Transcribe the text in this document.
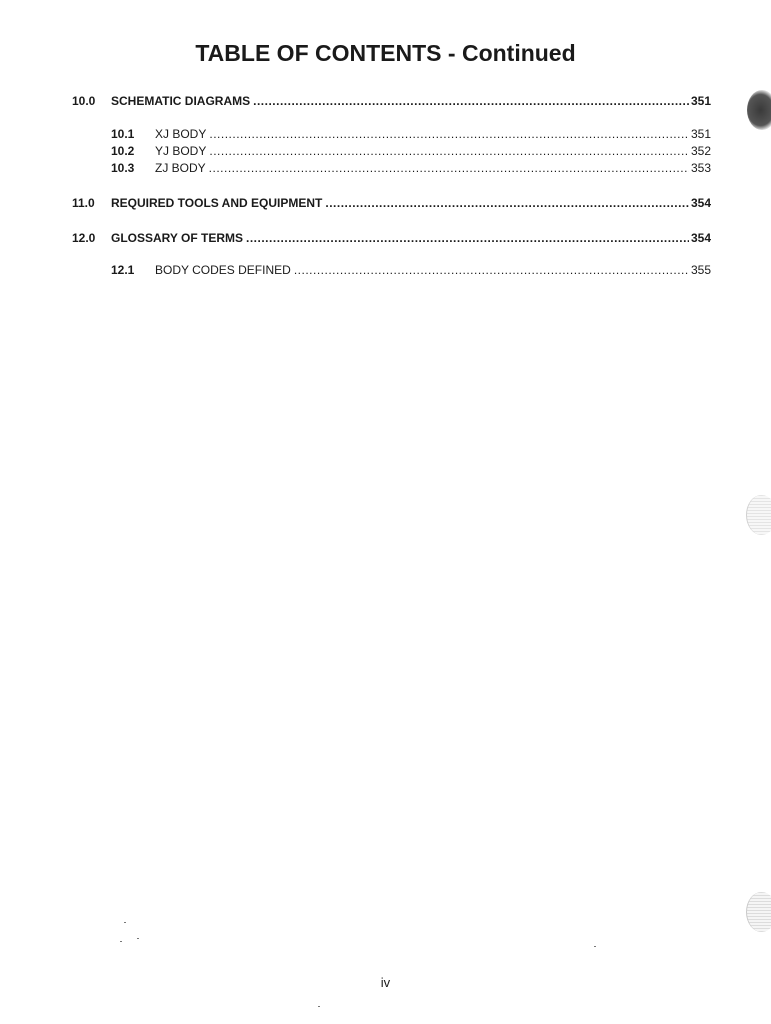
TABLE OF CONTENTS - Continued
10.0	SCHEMATIC DIAGRAMS .....	351
10.1	XJ BODY .....	351
10.2	YJ BODY .....	352
10.3	ZJ BODY .....	353
11.0	REQUIRED TOOLS AND EQUIPMENT .....	354
12.0	GLOSSARY OF TERMS .....	354
12.1	BODY CODES DEFINED .....	355
iv
